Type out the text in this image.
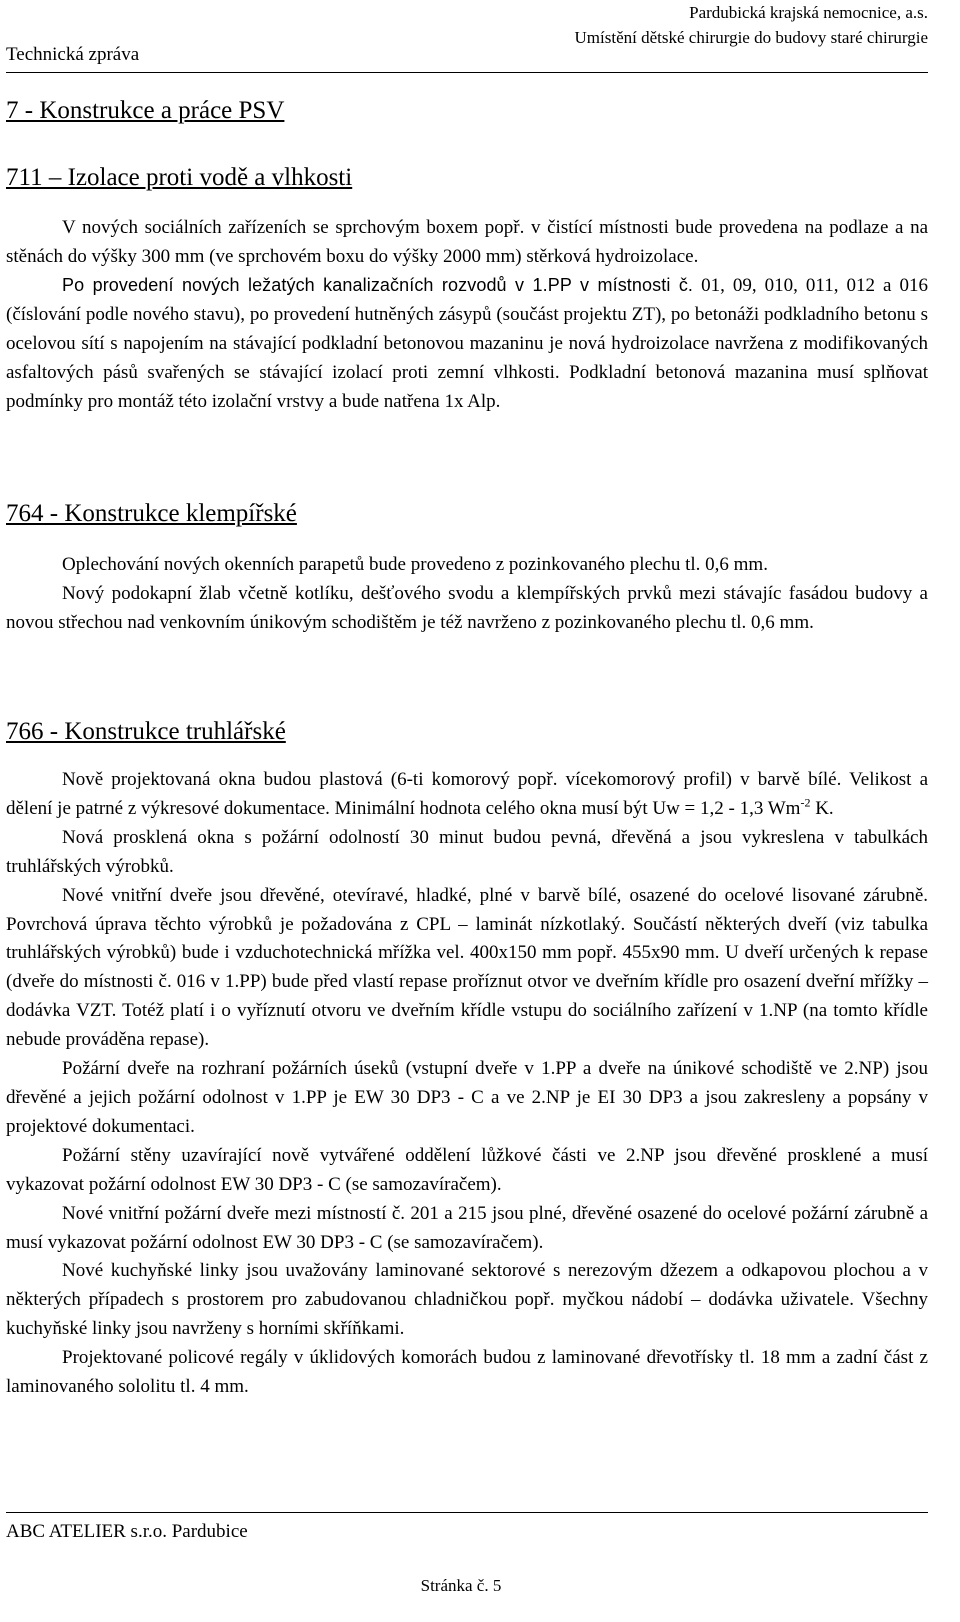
Technická zpráva
Pardubická krajská nemocnice, a.s.
Umístění dětské chirurgie do budovy staré chirurgie
7 - Konstrukce a práce PSV
711 – Izolace proti vodě a vlhkosti

V nových sociálních zařízeních se sprchovým boxem popř. v čistící místnosti bude provedena na podlaze a na stěnách do výšky 300 mm (ve sprchovém boxu do výšky 2000 mm) stěrková hydroizolace.

Po provedení nových ležatých kanalizačních rozvodů v 1.PP v místnosti č. 01, 09, 010, 011, 012 a 016 (číslování podle nového stavu), po provedení hutněných zásypů (součást projektu ZT), po betonáži podkladního betonu s ocelovou sítí s napojením na stávající podkladní betonovou mazaninu je nová hydroizolace navržena z modifikovaných asfaltových pásů svařených se stávající izolací proti zemní vlhkosti. Podkladní betonová mazanina musí splňovat podmínky pro montáž této izolační vrstvy a bude natřena 1x Alp.

764 - Konstrukce klempířské

Oplechování nových okenních parapetů bude provedeno z pozinkovaného plechu tl. 0,6 mm.

Nový podokapní žlab včetně kotlíku, dešťového svodu a klempířských prvků mezi stávajíc fasádou budovy a novou střechou nad venkovním únikovým schodištěm je též navrženo z pozinkovaného plechu tl. 0,6 mm.

766 - Konstrukce truhlářské

Nově projektovaná okna budou plastová (6-ti komorový popř. vícekomorový profil) v barvě bílé. Velikost a dělení je patrné z výkresové dokumentace. Minimální hodnota celého okna musí být Uw = 1,2 - 1,3 $Wm^{-2}$ K.

Nová prosklená okna s požární odolností 30 minut budou pevná, dřevěná a jsou vykreslena v tabulkách truhlářských výrobků.

Nové vnitřní dveře jsou dřevěné, otevíravé, hladké, plné v barvě bílé, osazené do ocelové lisované zárubně. Povrchová úprava těchto výrobků je požadována z CPL – laminát nízkotlaký. Součástí některých dveří (viz tabulka truhlářských výrobků) bude i vzduchotechnická mřížka vel. 400x150 mm popř. 455x90 mm. U dveří určených k repase (dveře do místnosti č. 016 v 1.PP) bude před vlastí repase proříznut otvor ve dveřním křídle pro osazení dveřní mřížky – dodávka VZT. Totéž platí i o vyříznutí otvoru ve dveřním křídle vstupu do sociálního zařízení v 1.NP (na tomto křídle nebude prováděna repase).

Požární dveře na rozhraní požárních úseků (vstupní dveře v 1.PP a dveře na únikové schodiště ve 2.NP) jsou dřevěné a jejich požární odolnost v 1.PP je EW 30 DP3 - C a ve 2.NP je EI 30 DP3 a jsou zakresleny a popsány v projektové dokumentaci.

Požární stěny uzavírající nově vytvářené oddělení lůžkové části ve 2.NP jsou dřevěné prosklené a musí vykazovat požární odolnost EW 30 DP3 - C (se samozavíračem).

Nové vnitřní požární dveře mezi místností č. 201 a 215 jsou plné, dřevěné osazené do ocelové požární zárubně a musí vykazovat požární odolnost EW 30 DP3 - C (se samozavíračem).

Nové kuchyňské linky jsou uvažovány laminované sektorové s nerezovým džezem a odkapovou plochou a v některých případech s prostorem pro zabudovanou chladničkou popř. myčkou nádobí – dodávka uživatele. Všechny kuchyňské linky jsou navrženy s horními skříňkami.

Projektované policové regály v úklidových komorách budou z laminované dřevotřísky tl. 18 mm a zadní část z laminovaného sololitu tl. 4 mm.

ABC ATELIER s.r.o. Pardubice
Stránka č. 5
